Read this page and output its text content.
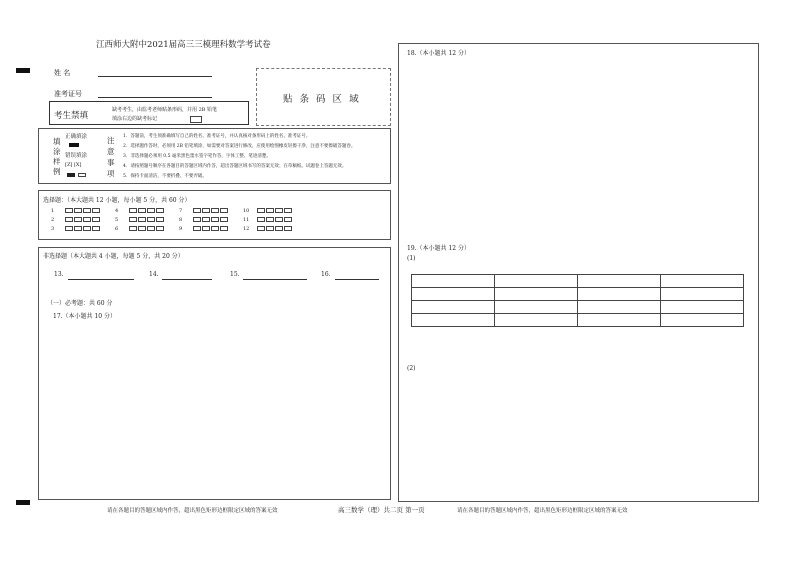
江西师大附中2021届高三三模理科数学考试卷
姓 名
准考证号	贴 条 码 区 域
考生禁填
缺考考生，由监考老师贴条形码，并用 2B 铅笔
填涂右边的缺考标记
填涂样例
正确填涂
错误填涂
[Z] [X]
注意事项
1．答题前，考生须准确填写自己的姓名、准考证号，并认真核对条形码上的姓名、准考证号。
2．选择题作答时，必须用 2B 铅笔填涂，如需要对答案进行修改，应使用绘图橡皮轻擦干净，注意不要擦破答题卷。
3．非选择题必须用 0.5 毫米黑色墨水签字笔作答，字体工整、笔迹清楚。
4．请按照题号顺序在各题目的答题区域内作答，超出答题区域书写的答案无效；在草稿纸、试题卷上答题无效。
5．保持卡面清洁，不要折叠、不要弄破。
选择题：（本大题共 12 小题，每小题 5 分，共 60 分）
1
2
3
4
5
6
7
8
9
10
11
12
非选择题（本大题共 4 小题，每题 5 分，共 20 分）
13.	14.	15.	16.
（一）必考题：共 60 分
17.（本小题共 10 分）
18.（本小题共 12 分）
19.（本小题共 12 分）
(1)

(2)
请在各题目的答题区域内作答，超出黑色矩形边框限定区域的答案无效	高三数学（理）共二页 第一页	请在各题目的答题区域内作答，超出黑色矩形边框限定区域的答案无效
